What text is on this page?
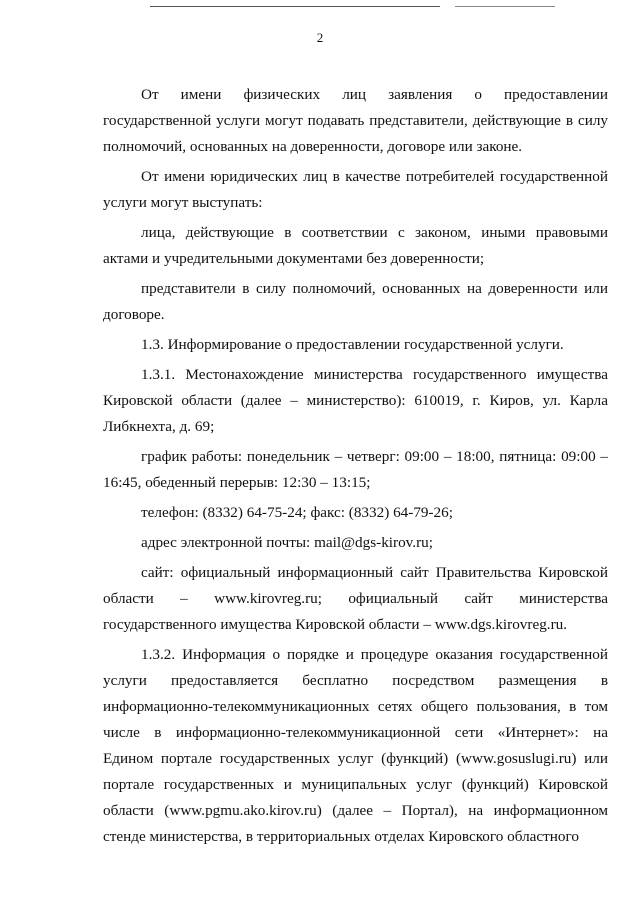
2

От имени физических лиц заявления о предоставлении государственной услуги могут подавать представители, действующие в силу полномочий, основанных на доверенности, договоре или законе.

От имени юридических лиц в качестве потребителей государственной услуги могут выступать:

лица, действующие в соответствии с законом, иными правовыми актами и учредительными документами без доверенности;

представители в силу полномочий, основанных на доверенности или договоре.

1.3. Информирование о предоставлении государственной услуги.

1.3.1. Местонахождение министерства государственного имущества Кировской области (далее – министерство): 610019, г. Киров, ул. Карла Либкнехта, д. 69;

график работы: понедельник – четверг: 09:00 – 18:00, пятница: 09:00 – 16:45, обеденный перерыв: 12:30 – 13:15;

телефон: (8332) 64-75-24; факс: (8332) 64-79-26;

адрес электронной почты: mail@dgs-kirov.ru;

сайт: официальный информационный сайт Правительства Кировской области – www.kirovreg.ru; официальный сайт министерства государственного имущества Кировской области – www.dgs.kirovreg.ru.

1.3.2. Информация о порядке и процедуре оказания государственной услуги предоставляется бесплатно посредством размещения в информационно-телекоммуникационных сетях общего пользования, в том числе в информационно-телекоммуникационной сети «Интернет»: на Едином портале государственных услуг (функций) (www.gosuslugi.ru) или портале государственных и муниципальных услуг (функций) Кировской области (www.pgmu.ako.kirov.ru) (далее – Портал), на информационном стенде министерства, в территориальных отделах Кировского областного
